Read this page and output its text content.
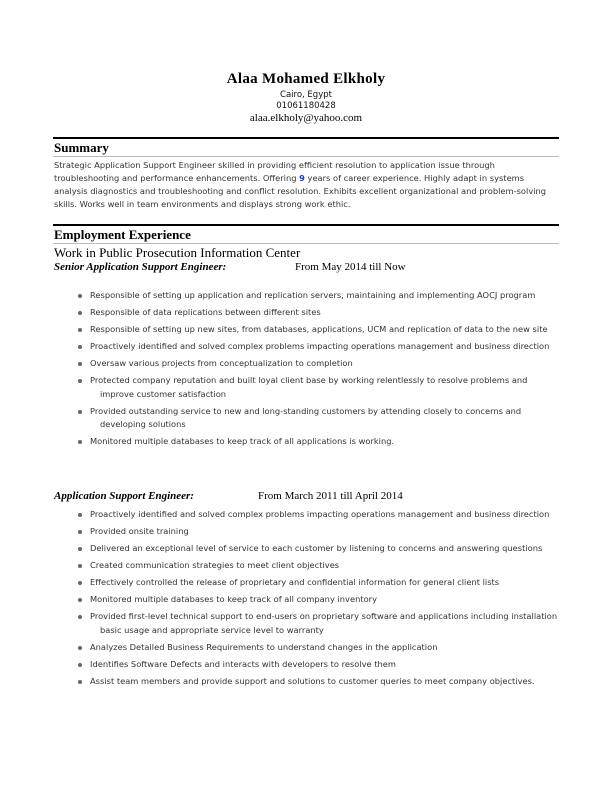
Alaa Mohamed Elkholy
Cairo, Egypt
01061180428
alaa.elkholy@yahoo.com
Summary
Strategic Application Support Engineer skilled in providing efficient resolution to application issue through troubleshooting and performance enhancements. Offering 9 years of career experience. Highly adapt in systems analysis diagnostics and troubleshooting and conflict resolution. Exhibits excellent organizational and problem-solving skills. Works well in team environments and displays strong work ethic.
Employment Experience
Work in Public Prosecution Information Center
Senior Application Support Engineer:	From May 2014 till Now
Responsible of setting up application and replication servers, maintaining and implementing AOCJ program
Responsible of data replications between different sites
Responsible of setting up new sites, from databases, applications, UCM and replication of data to the new site
Proactively identified and solved complex problems impacting operations management and business direction
Oversaw various projects from conceptualization to completion
Protected company reputation and built loyal client base by working relentlessly to resolve problems and improve customer satisfaction
Provided outstanding service to new and long-standing customers by attending closely to concerns and developing solutions
Monitored multiple databases to keep track of all applications is working.
Application Support Engineer:	From March 2011 till April 2014
Proactively identified and solved complex problems impacting operations management and business direction
Provided onsite training
Delivered an exceptional level of service to each customer by listening to concerns and answering questions
Created communication strategies to meet client objectives
Effectively controlled the release of proprietary and confidential information for general client lists
Monitored multiple databases to keep track of all company inventory
Provided first-level technical support to end-users on proprietary software and applications including installation basic usage and appropriate service level to warranty
Analyzes Detailed Business Requirements to understand changes in the application
Identifies Software Defects and interacts with developers to resolve them
Assist team members and provide support and solutions to customer queries to meet company objectives.
